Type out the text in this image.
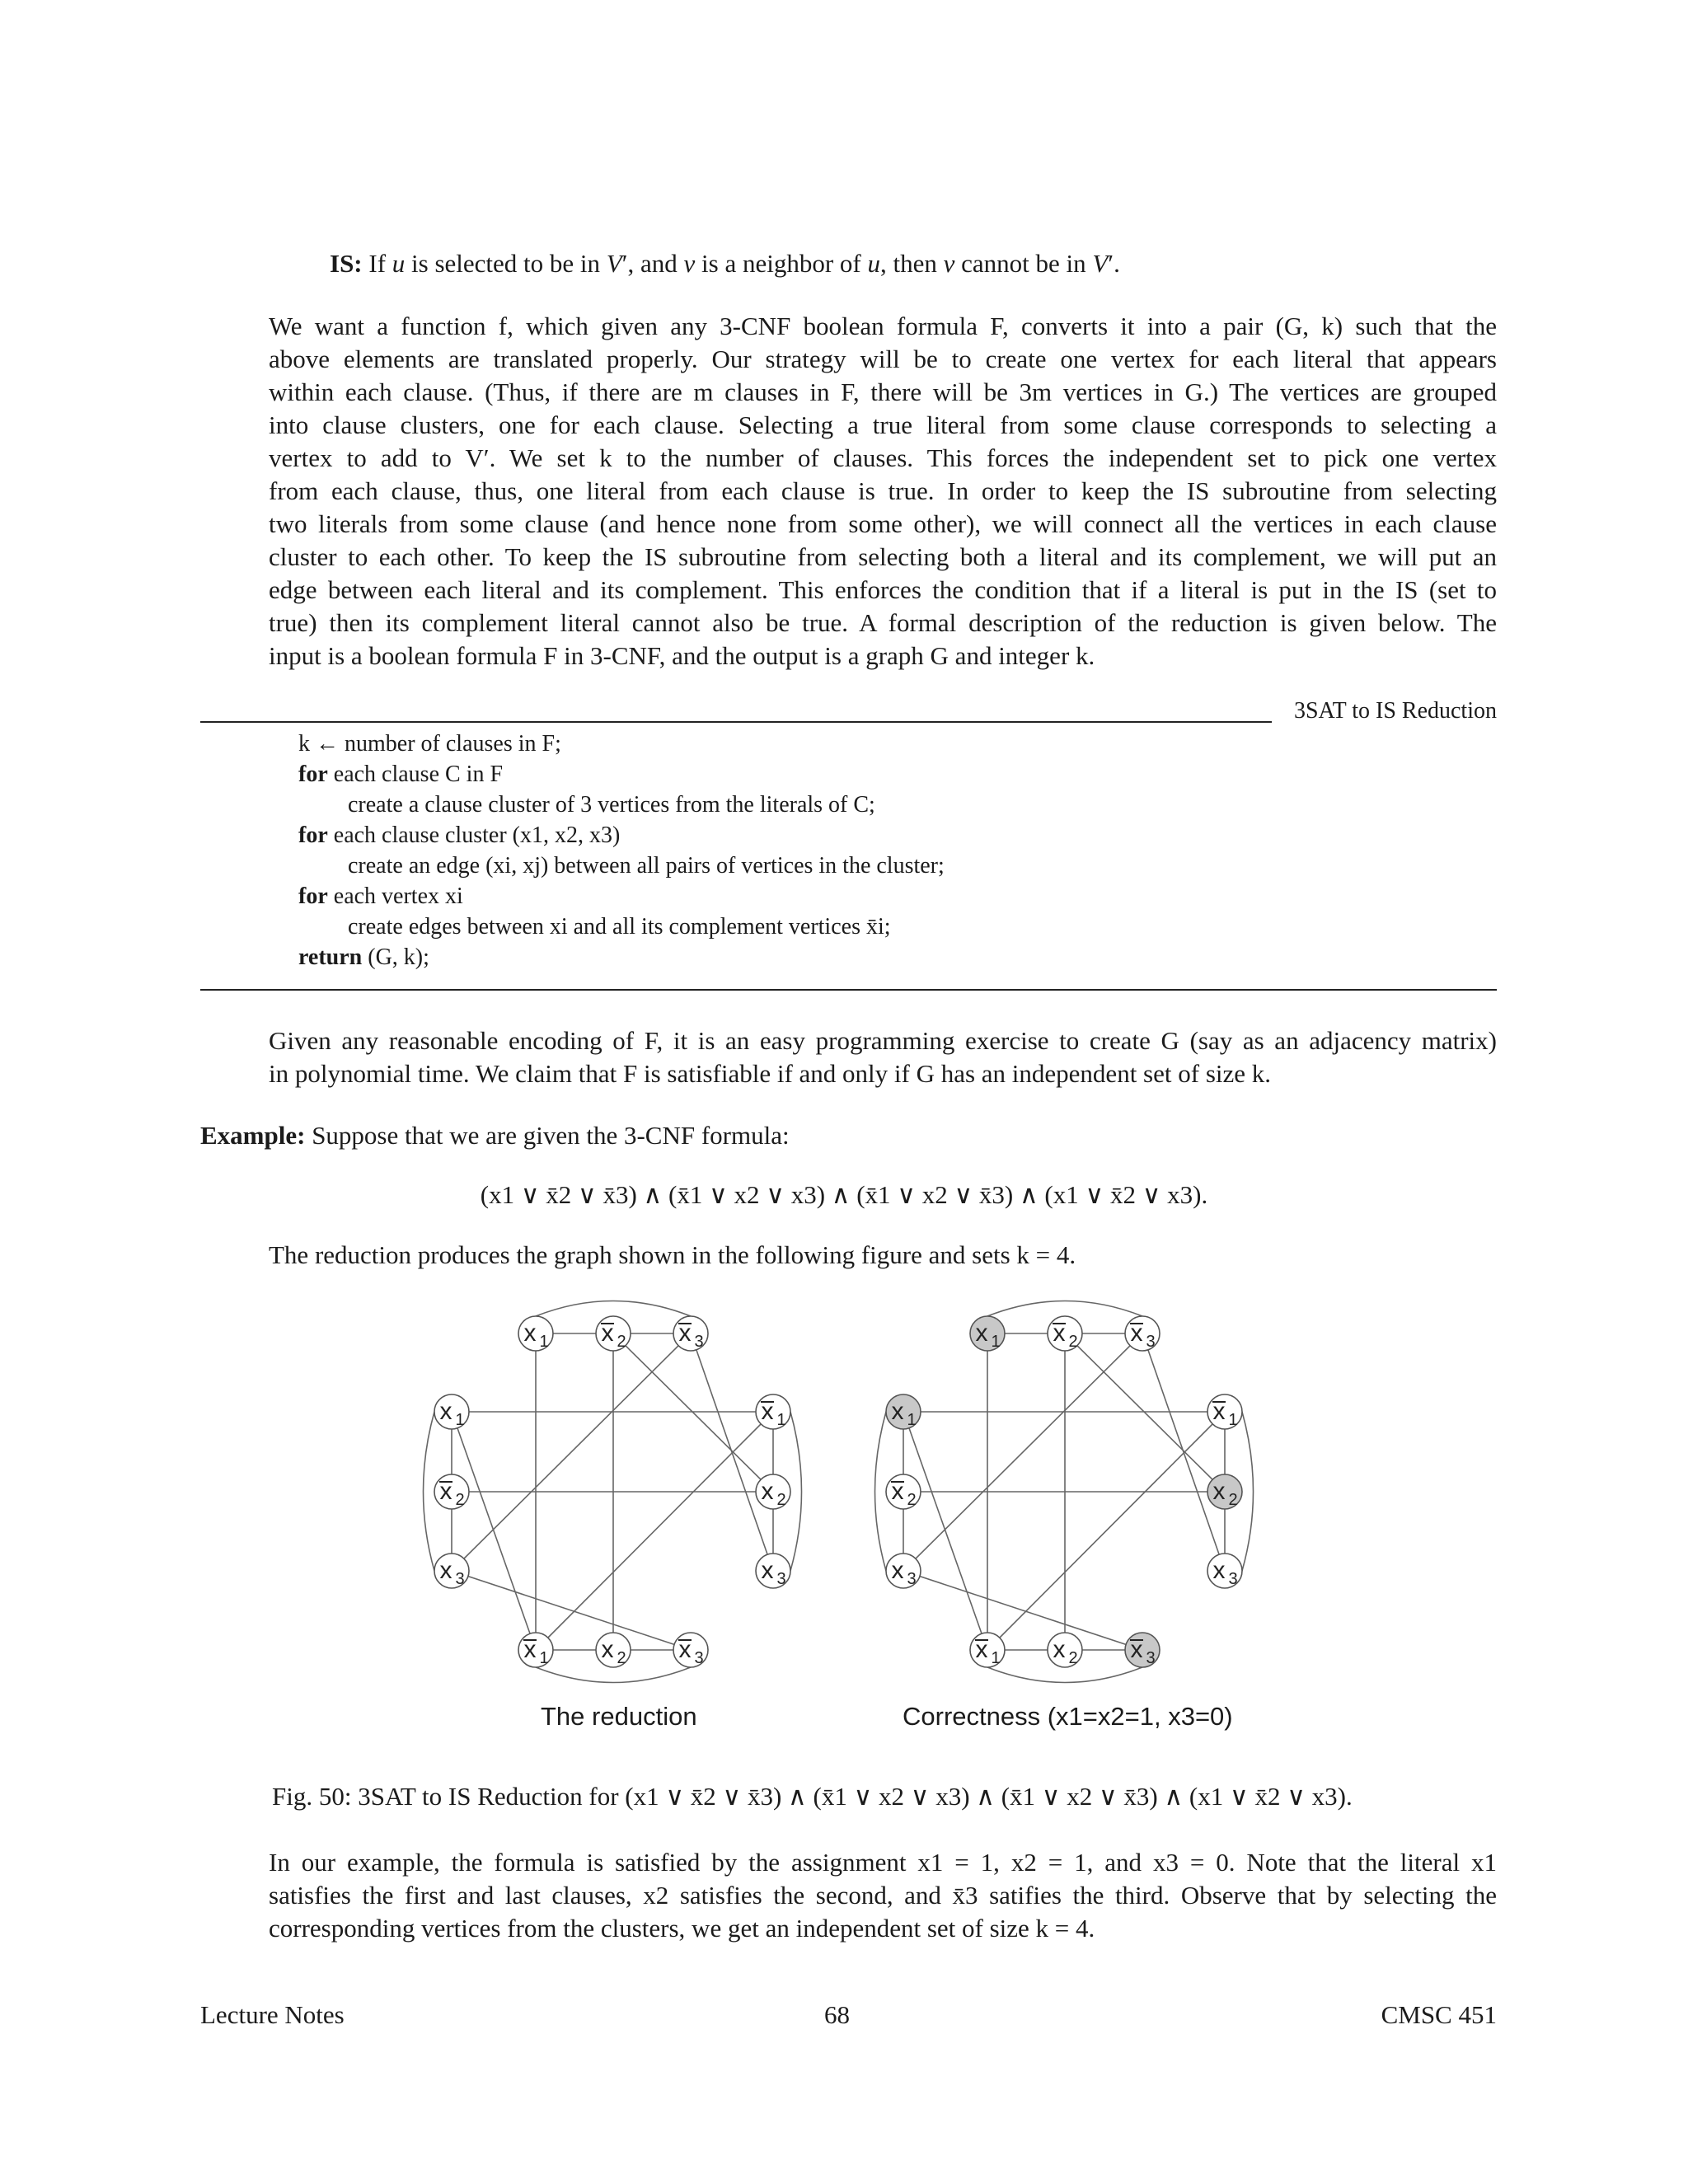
IS: If u is selected to be in V′, and v is a neighbor of u, then v cannot be in V′.
We want a function f, which given any 3-CNF boolean formula F, converts it into a pair (G, k) such that the
above elements are translated properly. Our strategy will be to create one vertex for each literal that appears
within each clause. (Thus, if there are m clauses in F, there will be 3m vertices in G.) The vertices are grouped
into clause clusters, one for each clause. Selecting a true literal from some clause corresponds to selecting a
vertex to add to V′. We set k to the number of clauses. This forces the independent set to pick one vertex
from each clause, thus, one literal from each clause is true. In order to keep the IS subroutine from selecting
two literals from some clause (and hence none from some other), we will connect all the vertices in each clause
cluster to each other. To keep the IS subroutine from selecting both a literal and its complement, we will put an
edge between each literal and its complement. This enforces the condition that if a literal is put in the IS (set to
true) then its complement literal cannot also be true. A formal description of the reduction is given below. The
input is a boolean formula F in 3-CNF, and the output is a graph G and integer k.
3SAT to IS Reduction
k ← number of clauses in F;
for each clause C in F
create a clause cluster of 3 vertices from the literals of C;
for each clause cluster (x1, x2, x3)
create an edge (xi, xj) between all pairs of vertices in the cluster;
for each vertex xi
create edges between xi and all its complement vertices x̄i;
return (G, k);
Given any reasonable encoding of F, it is an easy programming exercise to create G (say as an adjacency matrix)
in polynomial time. We claim that F is satisfiable if and only if G has an independent set of size k.
Example: Suppose that we are given the 3-CNF formula:
(x1 ∨ x̄2 ∨ x̄3) ∧ (x̄1 ∨ x2 ∨ x3) ∧ (x̄1 ∨ x2 ∨ x̄3) ∧ (x1 ∨ x̄2 ∨ x3).
The reduction produces the graph shown in the following figure and sets k = 4.
x 1 x 2 x 3
x 1
x 2
x 3
x 1 x 2 x 3
x 1
x 2
x 3
x 1 x 2 x 3
x 1
x 2
x 3
x 1 x 2 x 3
x 1
x 2
x 3
The reduction	Correctness (x1=x2=1, x3=0)
Fig. 50: 3SAT to IS Reduction for (x1 ∨ x̄2 ∨ x̄3) ∧ (x̄1 ∨ x2 ∨ x3) ∧ (x̄1 ∨ x2 ∨ x̄3) ∧ (x1 ∨ x̄2 ∨ x3).
In our example, the formula is satisfied by the assignment x1 = 1, x2 = 1, and x3 = 0. Note that the literal x1
satisfies the first and last clauses, x2 satisfies the second, and x̄3 satifies the third. Observe that by selecting the
corresponding vertices from the clusters, we get an independent set of size k = 4.
Lecture Notes	68	CMSC 451
